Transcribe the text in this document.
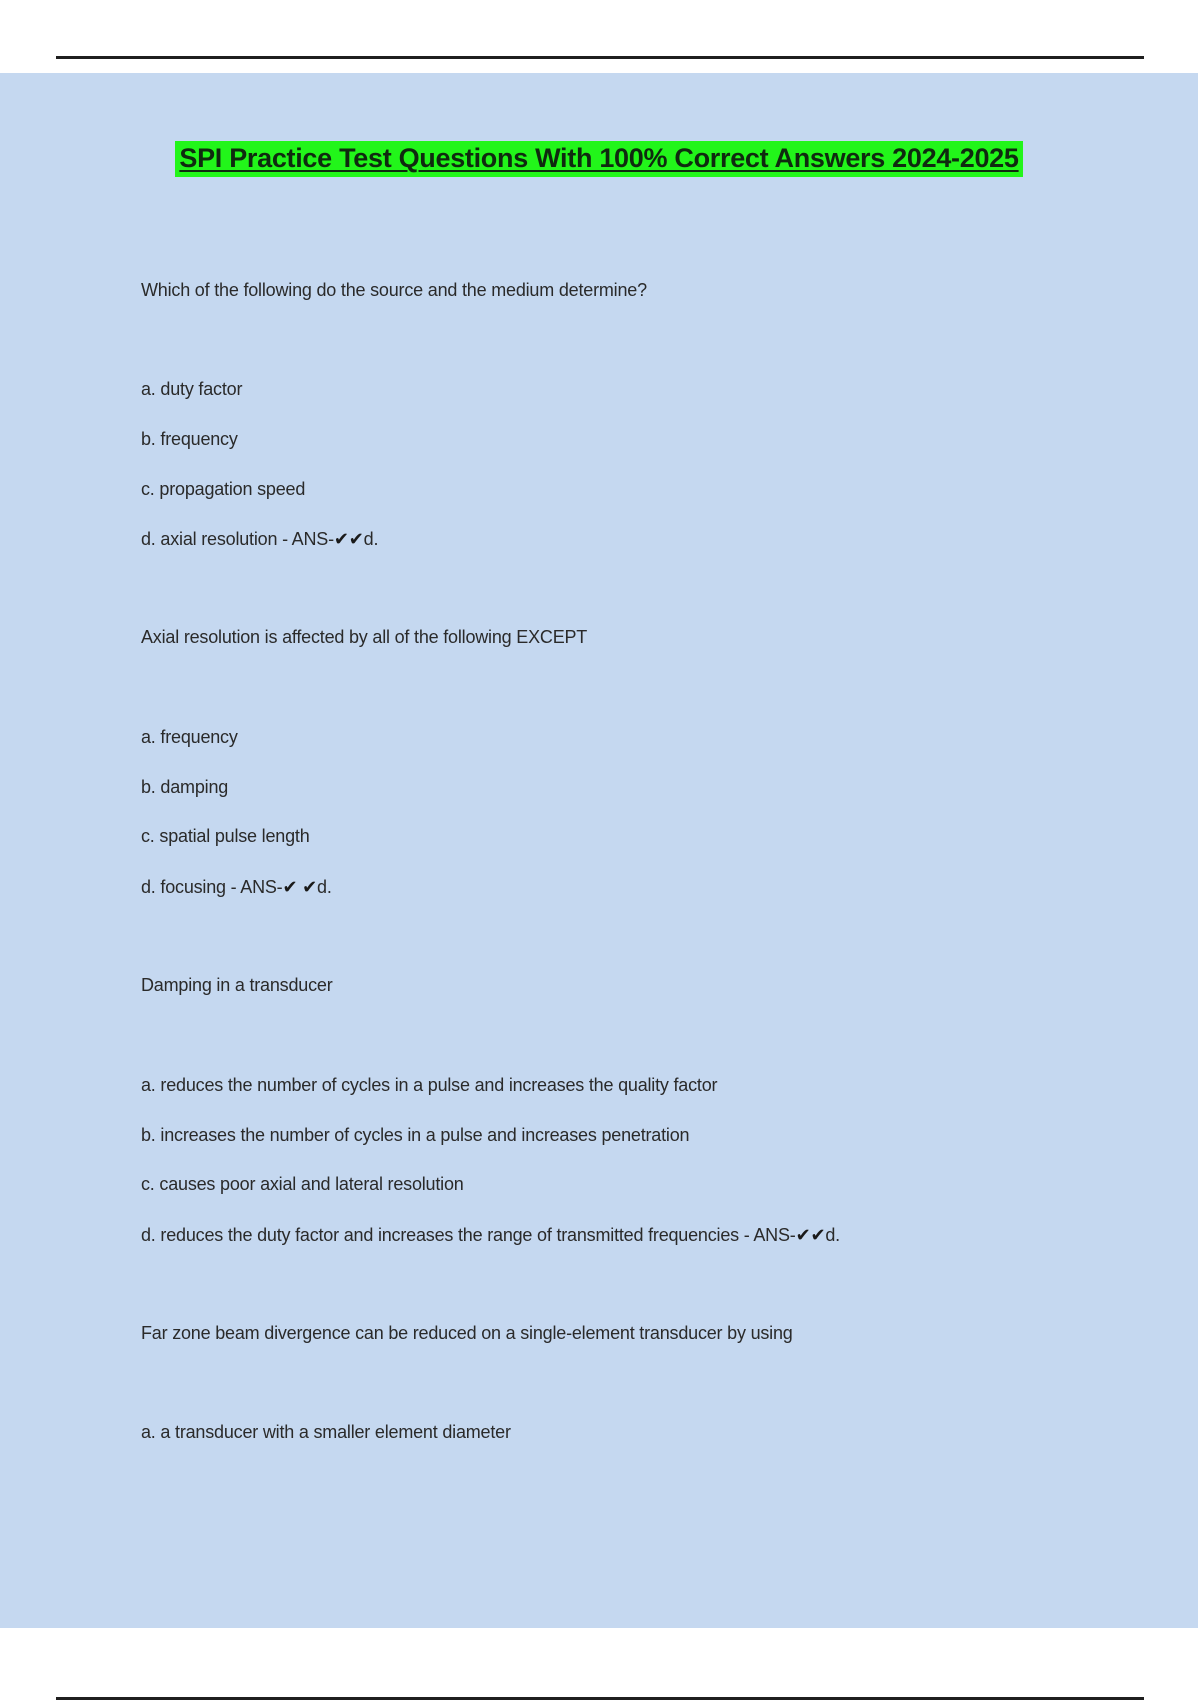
SPI Practice Test Questions With 100% Correct Answers 2024-2025
Which of the following do the source and the medium determine?
a. duty factor
b. frequency
c. propagation speed
d. axial resolution - ANS-✔✔d.
Axial resolution is affected by all of the following EXCEPT
a. frequency
b. damping
c. spatial pulse length
d. focusing - ANS-✔ ✔d.
Damping in a transducer
a. reduces the number of cycles in a pulse and increases the quality factor
b. increases the number of cycles in a pulse and increases penetration
c. causes poor axial and lateral resolution
d. reduces the duty factor and increases the range of transmitted frequencies - ANS-✔✔d.
Far zone beam divergence can be reduced on a single-element transducer by using
a. a transducer with a smaller element diameter
